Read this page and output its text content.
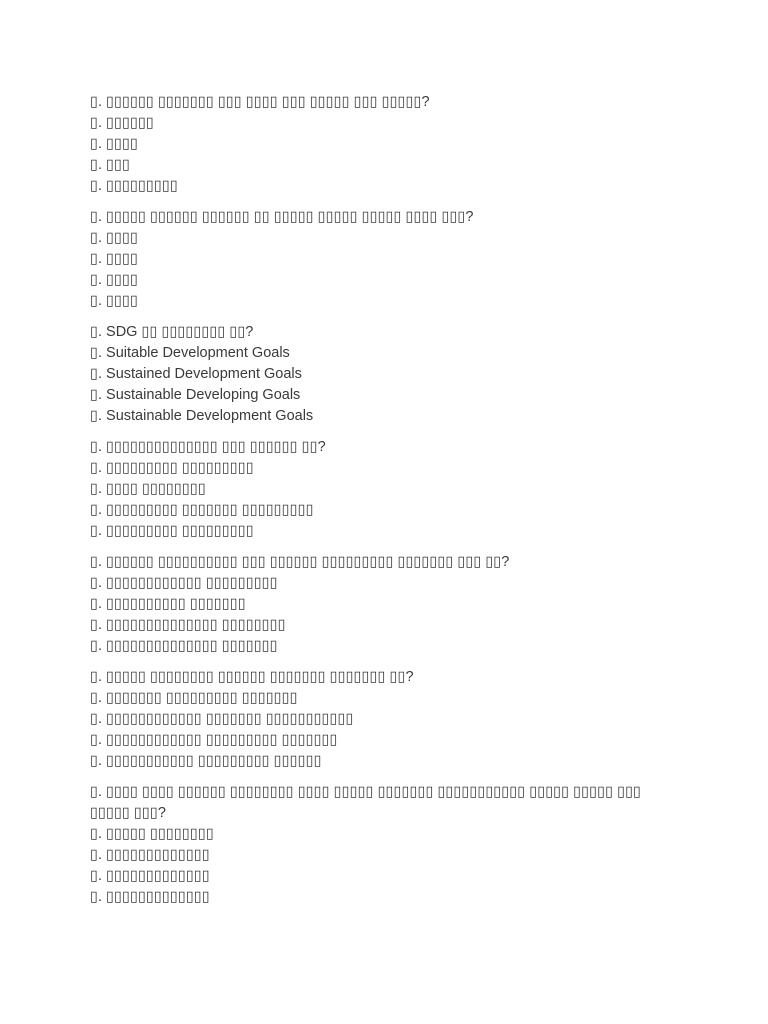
▯. ▯▯▯▯▯▯ ▯▯▯▯▯▯▯ ▯▯▯ ▯▯▯▯ ▯▯▯ ▯▯▯▯▯ ▯▯▯ ▯▯▯▯▯?
▯. ▯▯▯▯▯▯
▯. ▯▯▯▯
▯. ▯▯▯
▯. ▯▯▯▯▯▯▯▯▯
▯. ▯▯▯▯▯ ▯▯▯▯▯▯ ▯▯▯▯▯▯ ▯▯ ▯▯▯▯▯ ▯▯▯▯▯ ▯▯▯▯▯ ▯▯▯▯ ▯▯▯?
▯. ▯▯▯▯
▯. ▯▯▯▯
▯. ▯▯▯▯
▯. ▯▯▯▯
▯. SDG ▯▯ ▯▯▯▯▯▯▯▯ ▯▯?
▯. Suitable Development Goals
▯. Sustained Development Goals
▯. Sustainable Developing Goals
▯. Sustainable Development Goals
▯. ▯▯▯▯▯▯▯▯▯▯▯▯▯▯ ▯▯▯ ▯▯▯▯▯▯ ▯▯?
▯. ▯▯▯▯▯▯▯▯▯ ▯▯▯▯▯▯▯▯▯
▯. ▯▯▯▯ ▯▯▯▯▯▯▯▯
▯. ▯▯▯▯▯▯▯▯▯ ▯▯▯▯▯▯▯ ▯▯▯▯▯▯▯▯▯
▯. ▯▯▯▯▯▯▯▯▯ ▯▯▯▯▯▯▯▯▯
▯. ▯▯▯▯▯▯ ▯▯▯▯▯▯▯▯▯▯ ▯▯▯ ▯▯▯▯▯▯ ▯▯▯▯▯▯▯▯▯ ▯▯▯▯▯▯▯ ▯▯▯ ▯▯?
▯. ▯▯▯▯▯▯▯▯▯▯▯▯ ▯▯▯▯▯▯▯▯▯
▯. ▯▯▯▯▯▯▯▯▯▯ ▯▯▯▯▯▯▯
▯. ▯▯▯▯▯▯▯▯▯▯▯▯▯▯ ▯▯▯▯▯▯▯▯
▯. ▯▯▯▯▯▯▯▯▯▯▯▯▯▯ ▯▯▯▯▯▯▯
▯. ▯▯▯▯▯ ▯▯▯▯▯▯▯▯ ▯▯▯▯▯▯ ▯▯▯▯▯▯▯ ▯▯▯▯▯▯▯ ▯▯?
▯. ▯▯▯▯▯▯▯ ▯▯▯▯▯▯▯▯▯ ▯▯▯▯▯▯▯
▯. ▯▯▯▯▯▯▯▯▯▯▯▯ ▯▯▯▯▯▯▯ ▯▯▯▯▯▯▯▯▯▯▯
▯. ▯▯▯▯▯▯▯▯▯▯▯▯ ▯▯▯▯▯▯▯▯▯ ▯▯▯▯▯▯▯
▯. ▯▯▯▯▯▯▯▯▯▯▯ ▯▯▯▯▯▯▯▯▯ ▯▯▯▯▯▯
▯. ▯▯▯▯ ▯▯▯▯ ▯▯▯▯▯▯ ▯▯▯▯▯▯▯▯ ▯▯▯▯ ▯▯▯▯▯ ▯▯▯▯▯▯▯ ▯▯▯▯▯▯▯▯▯▯▯ ▯▯▯▯▯ ▯▯▯▯▯ ▯▯▯ ▯▯▯▯▯ ▯▯▯?
▯. ▯▯▯▯▯ ▯▯▯▯▯▯▯▯
▯. ▯▯▯▯▯▯▯▯▯▯▯▯▯
▯. ▯▯▯▯▯▯▯▯▯▯▯▯▯
▯. ▯▯▯▯▯▯▯▯▯▯▯▯▯
